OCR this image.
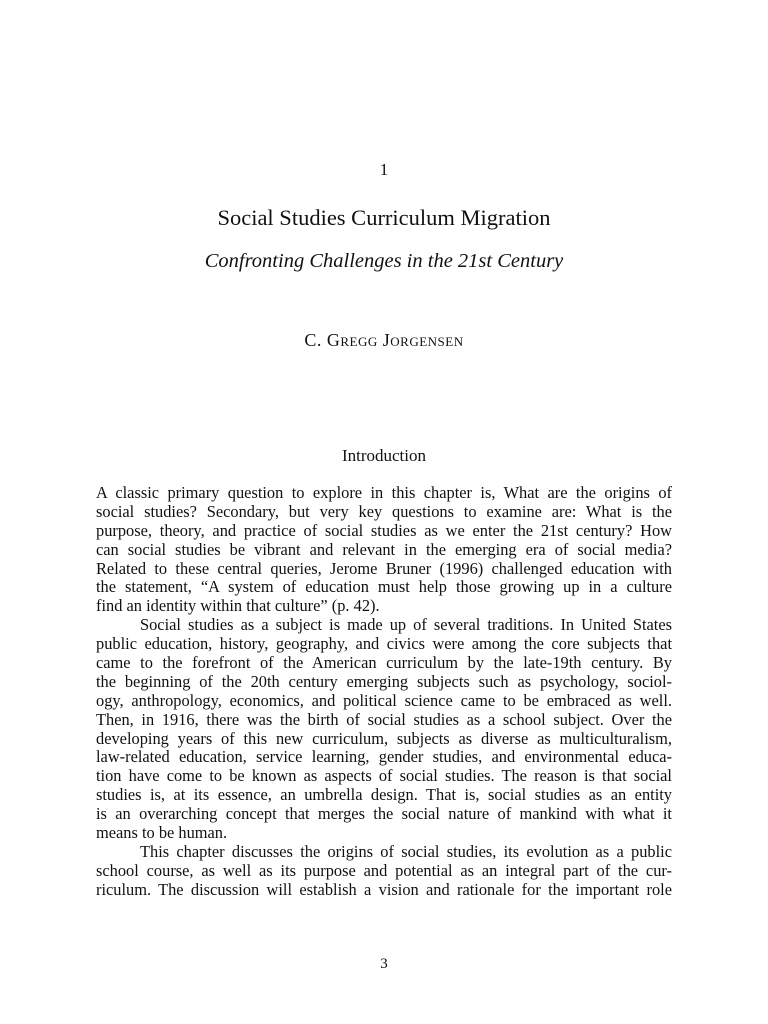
1
Social Studies Curriculum Migration
Confronting Challenges in the 21st Century
C. Gregg Jorgensen
Introduction
A classic primary question to explore in this chapter is, What are the origins of
social studies? Secondary, but very key questions to examine are: What is the
purpose, theory, and practice of social studies as we enter the 21st century? How
can social studies be vibrant and relevant in the emerging era of social media?
Related to these central queries, Jerome Bruner (1996) challenged education with
the statement, “A system of education must help those growing up in a culture
find an identity within that culture” (p. 42).
Social studies as a subject is made up of several traditions. In United States
public education, history, geography, and civics were among the core subjects that
came to the forefront of the American curriculum by the late-19th century. By
the beginning of the 20th century emerging subjects such as psychology, sociol-
ogy, anthropology, economics, and political science came to be embraced as well.
Then, in 1916, there was the birth of social studies as a school subject. Over the
developing years of this new curriculum, subjects as diverse as multiculturalism,
law-related education, service learning, gender studies, and environmental educa-
tion have come to be known as aspects of social studies. The reason is that social
studies is, at its essence, an umbrella design. That is, social studies as an entity
is an overarching concept that merges the social nature of mankind with what it
means to be human.
This chapter discusses the origins of social studies, its evolution as a public
school course, as well as its purpose and potential as an integral part of the cur-
riculum. The discussion will establish a vision and rationale for the important role
3
